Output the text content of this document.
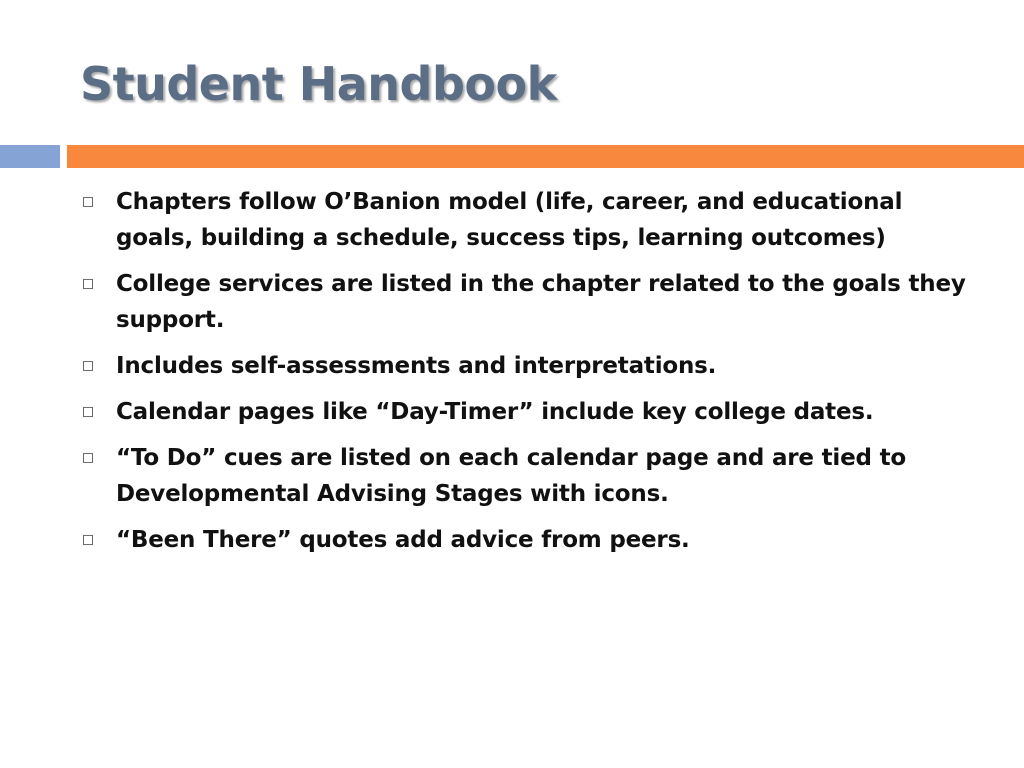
Student Handbook
Chapters follow O’Banion model (life, career, and educational goals, building a schedule, success tips, learning outcomes)
College services are listed in the chapter related to the goals they support.
Includes self-assessments and interpretations.
Calendar pages like “Day-Timer” include key college dates.
“To Do” cues are listed on each calendar page and are tied to Developmental Advising Stages with icons.
“Been There” quotes add advice from peers.
